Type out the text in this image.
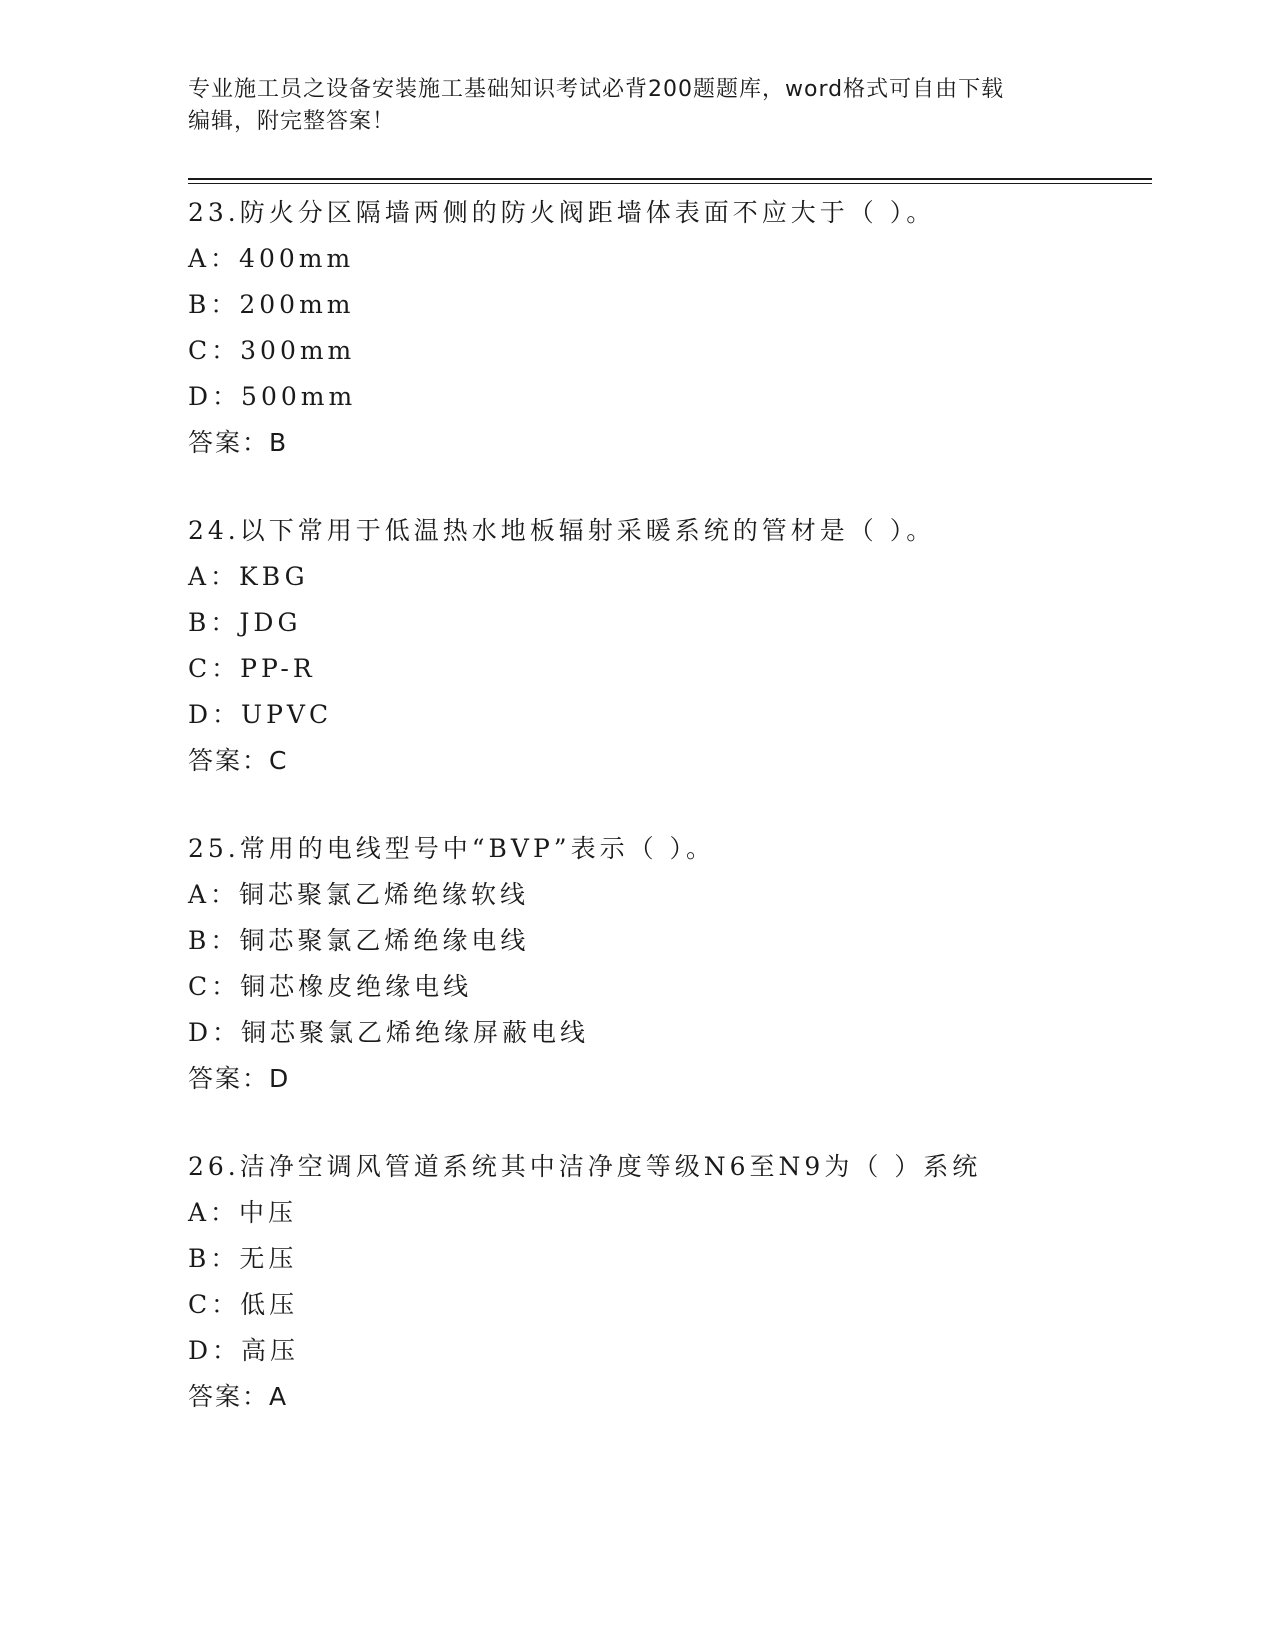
专业施工员之设备安装施工基础知识考试必背200题题库，word格式可自由下载
编辑，附完整答案！
23.防火分区隔墙两侧的防火阀距墙体表面不应大于（ ）。
A：400mm
B：200mm
C：300mm
D：500mm
答案：B
24.以下常用于低温热水地板辐射采暖系统的管材是（ ）。
A：KBG
B：JDG
C：PP-R
D：UPVC
答案：C
25.常用的电线型号中“BVP”表示（ ）。
A：铜芯聚氯乙烯绝缘软线
B：铜芯聚氯乙烯绝缘电线
C：铜芯橡皮绝缘电线
D：铜芯聚氯乙烯绝缘屏蔽电线
答案：D
26.洁净空调风管道系统其中洁净度等级N6至N9为（ ）系统
A：中压
B：无压
C：低压
D：高压
答案：A
